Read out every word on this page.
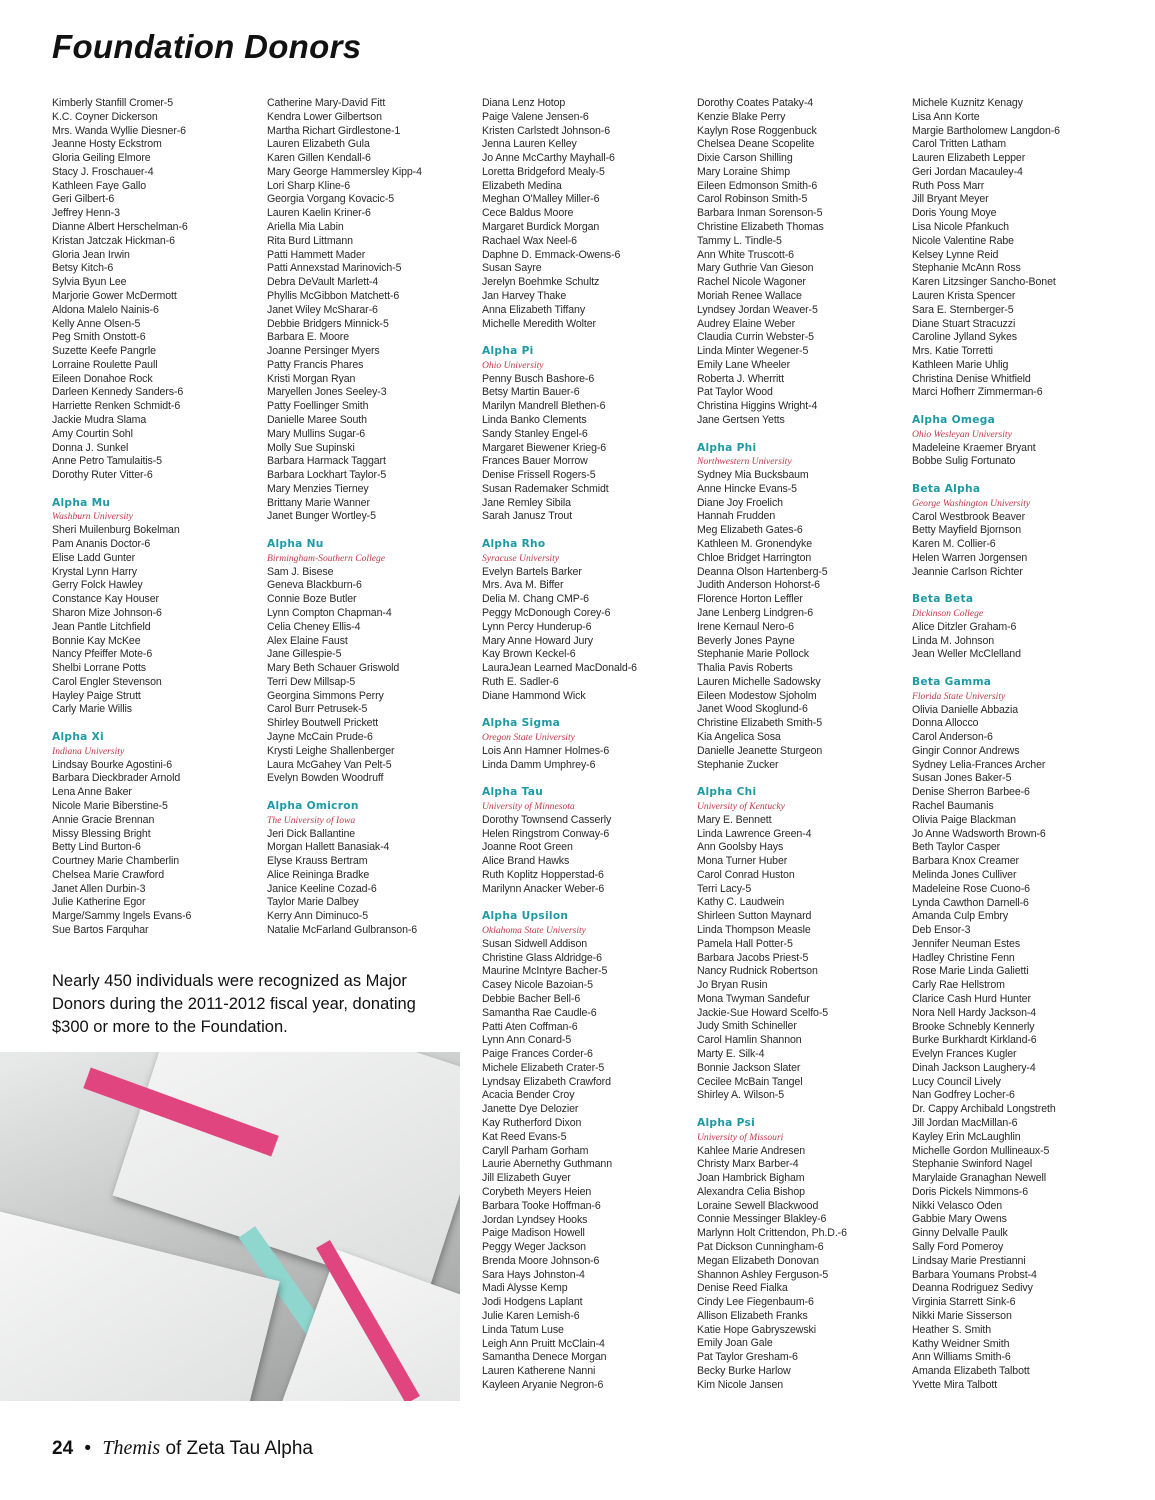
Foundation Donors
Kimberly Stanfill Cromer-5
K.C. Coyner Dickerson
Mrs. Wanda Wyllie Diesner-6
Jeanne Hosty Eckstrom
Gloria Geiling Elmore
Stacy J. Froschauer-4
Kathleen Faye Gallo
Geri Gilbert-6
Jeffrey Henn-3
Dianne Albert Herschelman-6
Kristan Jatczak Hickman-6
Gloria Jean Irwin
Betsy Kitch-6
Sylvia Byun Lee
Marjorie Gower McDermott
Aldona Malelo Nainis-6
Kelly Anne Olsen-5
Peg Smith Onstott-6
Suzette Keefe Pangrle
Lorraine Roulette Paull
Eileen Donahoe Rock
Darleen Kennedy Sanders-6
Harriette Renken Schmidt-6
Jackie Mudra Slama
Amy Courtin Sohl
Donna J. Sunkel
Anne Petro Tamulaitis-5
Dorothy Ruter Vitter-6
Alpha Mu
Washburn University
Sheri Muilenburg Bokelman
Pam Ananis Doctor-6
Elise Ladd Gunter
Krystal Lynn Harry
Gerry Folck Hawley
Constance Kay Houser
Sharon Mize Johnson-6
Jean Pantle Litchfield
Bonnie Kay McKee
Nancy Pfeiffer Mote-6
Shelbi Lorrane Potts
Carol Engler Stevenson
Hayley Paige Strutt
Carly Marie Willis
Alpha Xi
Indiana University
Lindsay Bourke Agostini-6
Barbara Dieckbrader Arnold
Lena Anne Baker
Nicole Marie Biberstine-5
Annie Gracie Brennan
Missy Blessing Bright
Betty Lind Burton-6
Courtney Marie Chamberlin
Chelsea Marie Crawford
Janet Allen Durbin-3
Julie Katherine Egor
Marge/Sammy Ingels Evans-6
Sue Bartos Farquhar
Catherine Mary-David Fitt
Kendra Lower Gilbertson
Martha Richart Girdlestone-1
Lauren Elizabeth Gula
Karen Gillen Kendall-6
Mary George Hammersley Kipp-4
Lori Sharp Kline-6
Georgia Vorgang Kovacic-5
Lauren Kaelin Kriner-6
Ariella Mia Labin
Rita Burd Littmann
Patti Hammett Mader
Patti Annexstad Marinovich-5
Debra DeVault Marlett-4
Phyllis McGibbon Matchett-6
Janet Wiley McSharar-6
Debbie Bridgers Minnick-5
Barbara E. Moore
Joanne Persinger Myers
Patty Francis Phares
Kristi Morgan Ryan
Maryellen Jones Seeley-3
Patty Foellinger Smith
Danielle Maree South
Mary Mullins Sugar-6
Molly Sue Supinski
Barbara Harmack Taggart
Barbara Lockhart Taylor-5
Mary Menzies Tierney
Brittany Marie Wanner
Janet Bunger Wortley-5
Alpha Nu
Birmingham-Southern College
Sam J. Bisese
Geneva Blackburn-6
Connie Boze Butler
Lynn Compton Chapman-4
Celia Cheney Ellis-4
Alex Elaine Faust
Jane Gillespie-5
Mary Beth Schauer Griswold
Terri Dew Millsap-5
Georgina Simmons Perry
Carol Burr Petrusek-5
Shirley Boutwell Prickett
Jayne McCain Prude-6
Krysti Leighe Shallenberger
Laura McGahey Van Pelt-5
Evelyn Bowden Woodruff
Alpha Omicron
The University of Iowa
Jeri Dick Ballantine
Morgan Hallett Banasiak-4
Elyse Krauss Bertram
Alice Reininga Bradke
Janice Keeline Cozad-6
Taylor Marie Dalbey
Kerry Ann Diminuco-5
Natalie McFarland Gulbranson-6
Diana Lenz Hotop
Paige Valene Jensen-6
Kristen Carlstedt Johnson-6
Jenna Lauren Kelley
Jo Anne McCarthy Mayhall-6
Loretta Bridgeford Mealy-5
Elizabeth Medina
Meghan O'Malley Miller-6
Cece Baldus Moore
Margaret Burdick Morgan
Rachael Wax Neel-6
Daphne D. Emmack-Owens-6
Susan Sayre
Jerelyn Boehmke Schultz
Jan Harvey Thake
Anna Elizabeth Tiffany
Michelle Meredith Wolter
Alpha Pi
Ohio University
Penny Busch Bashore-6
Betsy Martin Bauer-6
Marilyn Mandrell Blethen-6
Linda Banko Clements
Sandy Stanley Engel-6
Margaret Biewener Krieg-6
Frances Bauer Morrow
Denise Frissell Rogers-5
Susan Rademaker Schmidt
Jane Remley Sibila
Sarah Janusz Trout
Alpha Rho
Syracuse University
Evelyn Bartels Barker
Mrs. Ava M. Biffer
Delia M. Chang CMP-6
Peggy McDonough Corey-6
Lynn Percy Hunderup-6
Mary Anne Howard Jury
Kay Brown Keckel-6
LauraJean Learned MacDonald-6
Ruth E. Sadler-6
Diane Hammond Wick
Alpha Sigma
Oregon State University
Lois Ann Hamner Holmes-6
Linda Damm Umphrey-6
Alpha Tau
University of Minnesota
Dorothy Townsend Casserly
Helen Ringstrom Conway-6
Joanne Root Green
Alice Brand Hawks
Ruth Koplitz Hopperstad-6
Marilynn Anacker Weber-6
Alpha Upsilon
Oklahoma State University
Susan Sidwell Addison
Christine Glass Aldridge-6
Maurine McIntyre Bacher-5
Casey Nicole Bazoian-5
Debbie Bacher Bell-6
Samantha Rae Caudle-6
Patti Aten Coffman-6
Lynn Ann Conard-5
Paige Frances Corder-6
Michele Elizabeth Crater-5
Lyndsay Elizabeth Crawford
Acacia Bender Croy
Janette Dye Delozier
Kay Rutherford Dixon
Kat Reed Evans-5
Caryll Parham Gorham
Laurie Abernethy Guthmann
Jill Elizabeth Guyer
Corybeth Meyers Heien
Barbara Tooke Hoffman-6
Jordan Lyndsey Hooks
Paige Madison Howell
Peggy Weger Jackson
Brenda Moore Johnson-6
Sara Hays Johnston-4
Madi Alysse Kemp
Jodi Hodgens Laplant
Julie Karen Lemish-6
Linda Tatum Luse
Leigh Ann Pruitt McClain-4
Samantha Denece Morgan
Lauren Katherene Nanni
Kayleen Aryanie Negron-6
Dorothy Coates Pataky-4
Kenzie Blake Perry
Kaylyn Rose Roggenbuck
Chelsea Deane Scopelite
Dixie Carson Shilling
Mary Loraine Shimp
Eileen Edmonson Smith-6
Carol Robinson Smith-5
Barbara Inman Sorenson-5
Christine Elizabeth Thomas
Tammy L. Tindle-5
Ann White Truscott-6
Mary Guthrie Van Gieson
Rachel Nicole Wagoner
Moriah Renee Wallace
Lyndsey Jordan Weaver-5
Audrey Elaine Weber
Claudia Currin Webster-5
Linda Minter Wegener-5
Emily Lane Wheeler
Roberta J. Wherritt
Pat Taylor Wood
Christina Higgins Wright-4
Jane Gertsen Yetts
Alpha Phi
Northwestern University
Sydney Mia Bucksbaum
Anne Hincke Evans-5
Diane Joy Froelich
Hannah Frudden
Meg Elizabeth Gates-6
Kathleen M. Gronendyke
Chloe Bridget Harrington
Deanna Olson Hartenberg-5
Judith Anderson Hohorst-6
Florence Horton Leffler
Jane Lenberg Lindgren-6
Irene Kernaul Nero-6
Beverly Jones Payne
Stephanie Marie Pollock
Thalia Pavis Roberts
Lauren Michelle Sadowsky
Eileen Modestow Sjoholm
Janet Wood Skoglund-6
Christine Elizabeth Smith-5
Kia Angelica Sosa
Danielle Jeanette Sturgeon
Stephanie Zucker
Alpha Chi
University of Kentucky
Mary E. Bennett
Linda Lawrence Green-4
Ann Goolsby Hays
Mona Turner Huber
Carol Conrad Huston
Terri Lacy-5
Kathy C. Laudwein
Shirleen Sutton Maynard
Linda Thompson Measle
Pamela Hall Potter-5
Barbara Jacobs Priest-5
Nancy Rudnick Robertson
Jo Bryan Rusin
Mona Twyman Sandefur
Jackie-Sue Howard Scelfo-5
Judy Smith Schineller
Carol Hamlin Shannon
Marty E. Silk-4
Bonnie Jackson Slater
Cecilee McBain Tangel
Shirley A. Wilson-5
Alpha Psi
University of Missouri
Kahlee Marie Andresen
Christy Marx Barber-4
Joan Hambrick Bigham
Alexandra Celia Bishop
Loraine Sewell Blackwood
Connie Messinger Blakley-6
Marlynn Holt Crittendon, Ph.D.-6
Pat Dickson Cunningham-6
Megan Elizabeth Donovan
Shannon Ashley Ferguson-5
Denise Reed Fialka
Cindy Lee Fiegenbaum-6
Allison Elizabeth Franks
Katie Hope Gabryszewski
Emily Joan Gale
Pat Taylor Gresham-6
Becky Burke Harlow
Kim Nicole Jansen
Michele Kuznitz Kenagy
Lisa Ann Korte
Margie Bartholomew Langdon-6
Carol Tritten Latham
Lauren Elizabeth Lepper
Geri Jordan Macauley-4
Ruth Poss Marr
Jill Bryant Meyer
Doris Young Moye
Lisa Nicole Pfankuch
Nicole Valentine Rabe
Kelsey Lynne Reid
Stephanie McAnn Ross
Karen Litzsinger Sancho-Bonet
Lauren Krista Spencer
Sara E. Sternberger-5
Diane Stuart Stracuzzi
Caroline Jylland Sykes
Mrs. Katie Torretti
Kathleen Marie Uhlig
Christina Denise Whitfield
Marci Hofherr Zimmerman-6
Alpha Omega
Ohio Wesleyan University
Madeleine Kraemer Bryant
Bobbe Sulig Fortunato
Beta Alpha
George Washington University
Carol Westbrook Beaver
Betty Mayfield Bjornson
Karen M. Collier-6
Helen Warren Jorgensen
Jeannie Carlson Richter
Beta Beta
Dickinson College
Alice Ditzler Graham-6
Linda M. Johnson
Jean Weller McClelland
Beta Gamma
Florida State University
Olivia Danielle Abbazia
Donna Allocco
Carol Anderson-6
Gingir Connor Andrews
Sydney Lelia-Frances Archer
Susan Jones Baker-5
Denise Sherron Barbee-6
Rachel Baumanis
Olivia Paige Blackman
Jo Anne Wadsworth Brown-6
Beth Taylor Casper
Barbara Knox Creamer
Melinda Jones Culliver
Madeleine Rose Cuono-6
Lynda Cawthon Darnell-6
Amanda Culp Embry
Deb Ensor-3
Jennifer Neuman Estes
Hadley Christine Fenn
Rose Marie Linda Galietti
Carly Rae Hellstrom
Clarice Cash Hurd Hunter
Nora Nell Hardy Jackson-4
Brooke Schnebly Kennerly
Burke Burkhardt Kirkland-6
Evelyn Frances Kugler
Dinah Jackson Laughery-4
Lucy Council Lively
Nan Godfrey Locher-6
Dr. Cappy Archibald Longstreth
Jill Jordan MacMillan-6
Kayley Erin McLaughlin
Michelle Gordon Mullineaux-5
Stephanie Swinford Nagel
Marylaide Granaghan Newell
Doris Pickels Nimmons-6
Nikki Velasco Oden
Gabbie Mary Owens
Ginny Delvalle Paulk
Sally Ford Pomeroy
Lindsay Marie Prestianni
Barbara Youmans Probst-4
Deanna Rodriguez Sedivy
Virginia Starrett Sink-6
Nikki Marie Sisserson
Heather S. Smith
Kathy Weidner Smith
Ann Williams Smith-6
Amanda Elizabeth Talbott
Yvette Mira Talbott

Nearly 450 individuals were recognized as Major Donors during the 2011-2012 fiscal year, donating $300 or more to the Foundation.

24 • Themis of Zeta Tau Alpha
